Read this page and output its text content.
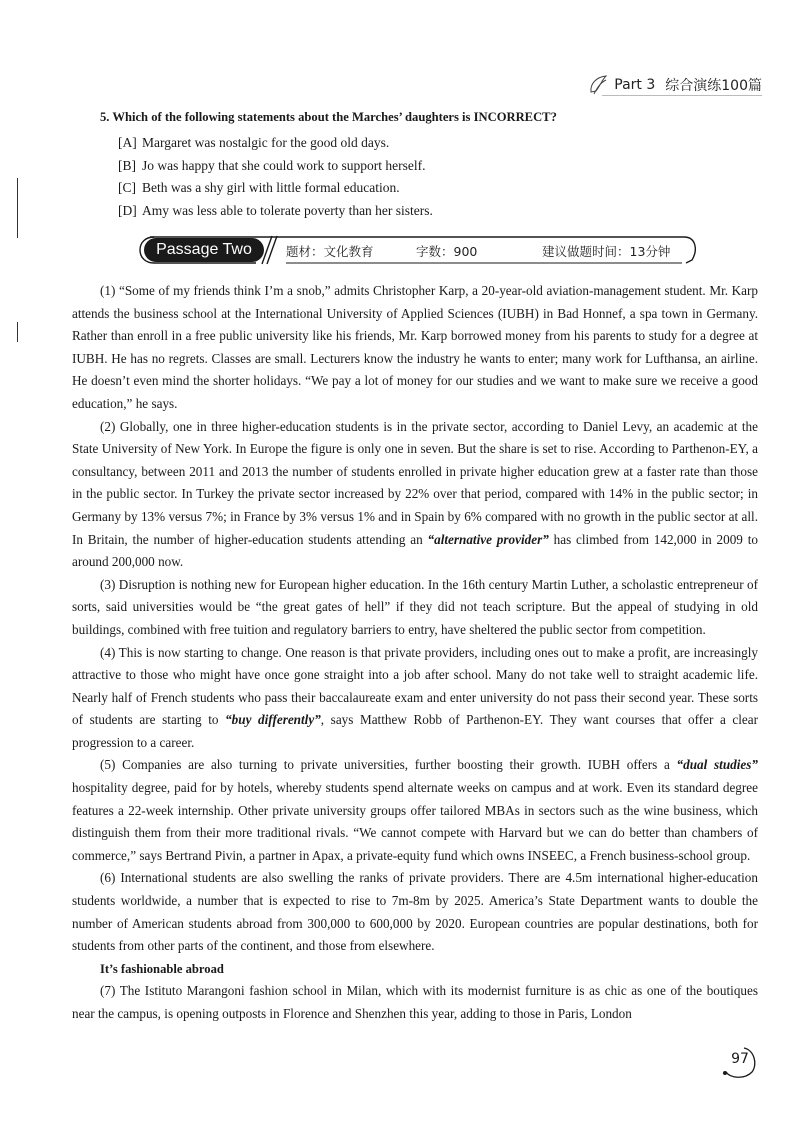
Part 3 综合演练100篇
5. Which of the following statements about the Marches’ daughters is INCORRECT?
[A] Margaret was nostalgic for the good old days.
[B] Jo was happy that she could work to support herself.
[C] Beth was a shy girl with little formal education.
[D] Amy was less able to tolerate poverty than her sisters.
Passage Two	题材：文化教育	字数：900	建议做题时间：13分钟

(1) “Some of my friends think I’m a snob,” admits Christopher Karp, a 20-year-old aviation-management student. Mr. Karp attends the business school at the International University of Applied Sciences (IUBH) in Bad Honnef, a spa town in Germany. Rather than enroll in a free public university like his friends, Mr. Karp borrowed money from his parents to study for a degree at IUBH. He has no regrets. Classes are small. Lecturers know the industry he wants to enter; many work for Lufthansa, an airline. He doesn’t even mind the shorter holidays. “We pay a lot of money for our studies and we want to make sure we receive a good education,” he says.

(2) Globally, one in three higher-education students is in the private sector, according to Daniel Levy, an academic at the State University of New York. In Europe the figure is only one in seven. But the share is set to rise. According to Parthenon-EY, a consultancy, between 2011 and 2013 the number of students enrolled in private higher education grew at a faster rate than those in the public sector. In Turkey the private sector increased by 22% over that period, compared with 14% in the public sector; in Germany by 13% versus 7%; in France by 3% versus 1% and in Spain by 6% compared with no growth in the public sector at all. In Britain, the number of higher-education students attending an “alternative provider” has climbed from 142,000 in 2009 to around 200,000 now.

(3) Disruption is nothing new for European higher education. In the 16th century Martin Luther, a scholastic entrepreneur of sorts, said universities would be “the great gates of hell” if they did not teach scripture. But the appeal of studying in old buildings, combined with free tuition and regulatory barriers to entry, have sheltered the public sector from competition.

(4) This is now starting to change. One reason is that private providers, including ones out to make a profit, are increasingly attractive to those who might have once gone straight into a job after school. Many do not take well to straight academic life. Nearly half of French students who pass their baccalaureate exam and enter university do not pass their second year. These sorts of students are starting to “buy differently”, says Matthew Robb of Parthenon-EY. They want courses that offer a clear progression to a career.

(5) Companies are also turning to private universities, further boosting their growth. IUBH offers a “dual studies” hospitality degree, paid for by hotels, whereby students spend alternate weeks on campus and at work. Even its standard degree features a 22-week internship. Other private university groups offer tailored MBAs in sectors such as the wine business, which distinguish them from their more traditional rivals. “We cannot compete with Harvard but we can do better than chambers of commerce,” says Bertrand Pivin, a partner in Apax, a private-equity fund which owns INSEEC, a French business-school group.

(6) International students are also swelling the ranks of private providers. There are 4.5m international higher-education students worldwide, a number that is expected to rise to 7m-8m by 2025. America’s State Department wants to double the number of American students abroad from 300,000 to 600,000 by 2020. European countries are popular destinations, both for students from other parts of the continent, and those from elsewhere.

It’s fashionable abroad

(7) The Istituto Marangoni fashion school in Milan, which with its modernist furniture is as chic as one of the boutiques near the campus, is opening outposts in Florence and Shenzhen this year, adding to those in Paris, London

97
